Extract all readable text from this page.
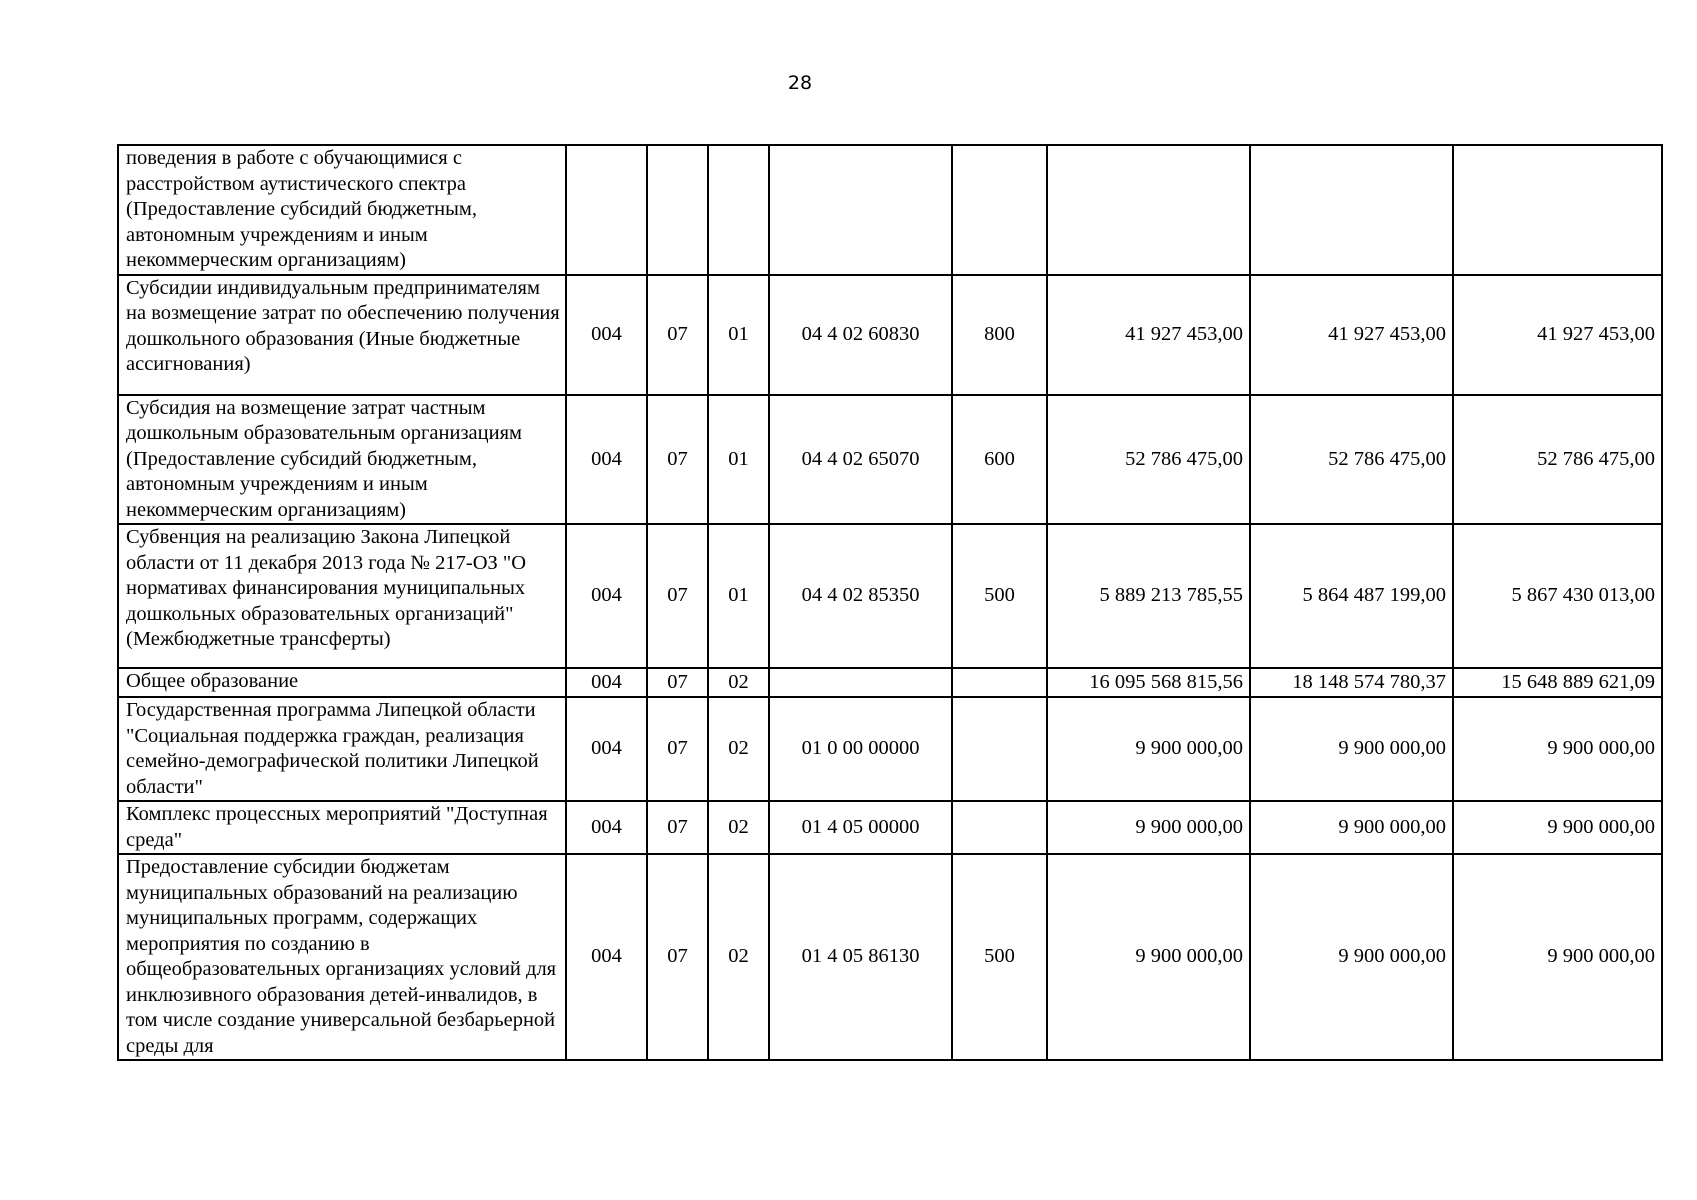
28
поведения в работе с обучающимися с расстройством аутистического спектра (Предоставление субсидий бюджетным, автономным учреждениям и иным некоммерческим организациям)								
Субсидии индивидуальным предпринимателям на возмещение затрат по обеспечению получения дошкольного образования (Иные бюджетные ассигнования)	004	07	01	04 4 02 60830	800	41 927 453,00	41 927 453,00	41 927 453,00
Субсидия на возмещение затрат частным дошкольным образовательным организациям (Предоставление субсидий бюджетным, автономным учреждениям и иным некоммерческим организациям)	004	07	01	04 4 02 65070	600	52 786 475,00	52 786 475,00	52 786 475,00
Субвенция на реализацию Закона Липецкой области от 11 декабря 2013 года № 217-ОЗ "О нормативах финансирования муниципальных дошкольных образовательных организаций" (Межбюджетные трансферты)	004	07	01	04 4 02 85350	500	5 889 213 785,55	5 864 487 199,00	5 867 430 013,00
Общее образование	004	07	02			16 095 568 815,56	18 148 574 780,37	15 648 889 621,09
Государственная программа Липецкой области "Социальная поддержка граждан, реализация семейно-демографической политики Липецкой области"	004	07	02	01 0 00 00000		9 900 000,00	9 900 000,00	9 900 000,00
Комплекс процессных мероприятий "Доступная среда"	004	07	02	01 4 05 00000		9 900 000,00	9 900 000,00	9 900 000,00
Предоставление субсидии бюджетам муниципальных образований на реализацию муниципальных программ, содержащих мероприятия по созданию в общеобразовательных организациях условий для инклюзивного образования детей-инвалидов, в том числе создание универсальной безбарьерной среды для	004	07	02	01 4 05 86130	500	9 900 000,00	9 900 000,00	9 900 000,00
